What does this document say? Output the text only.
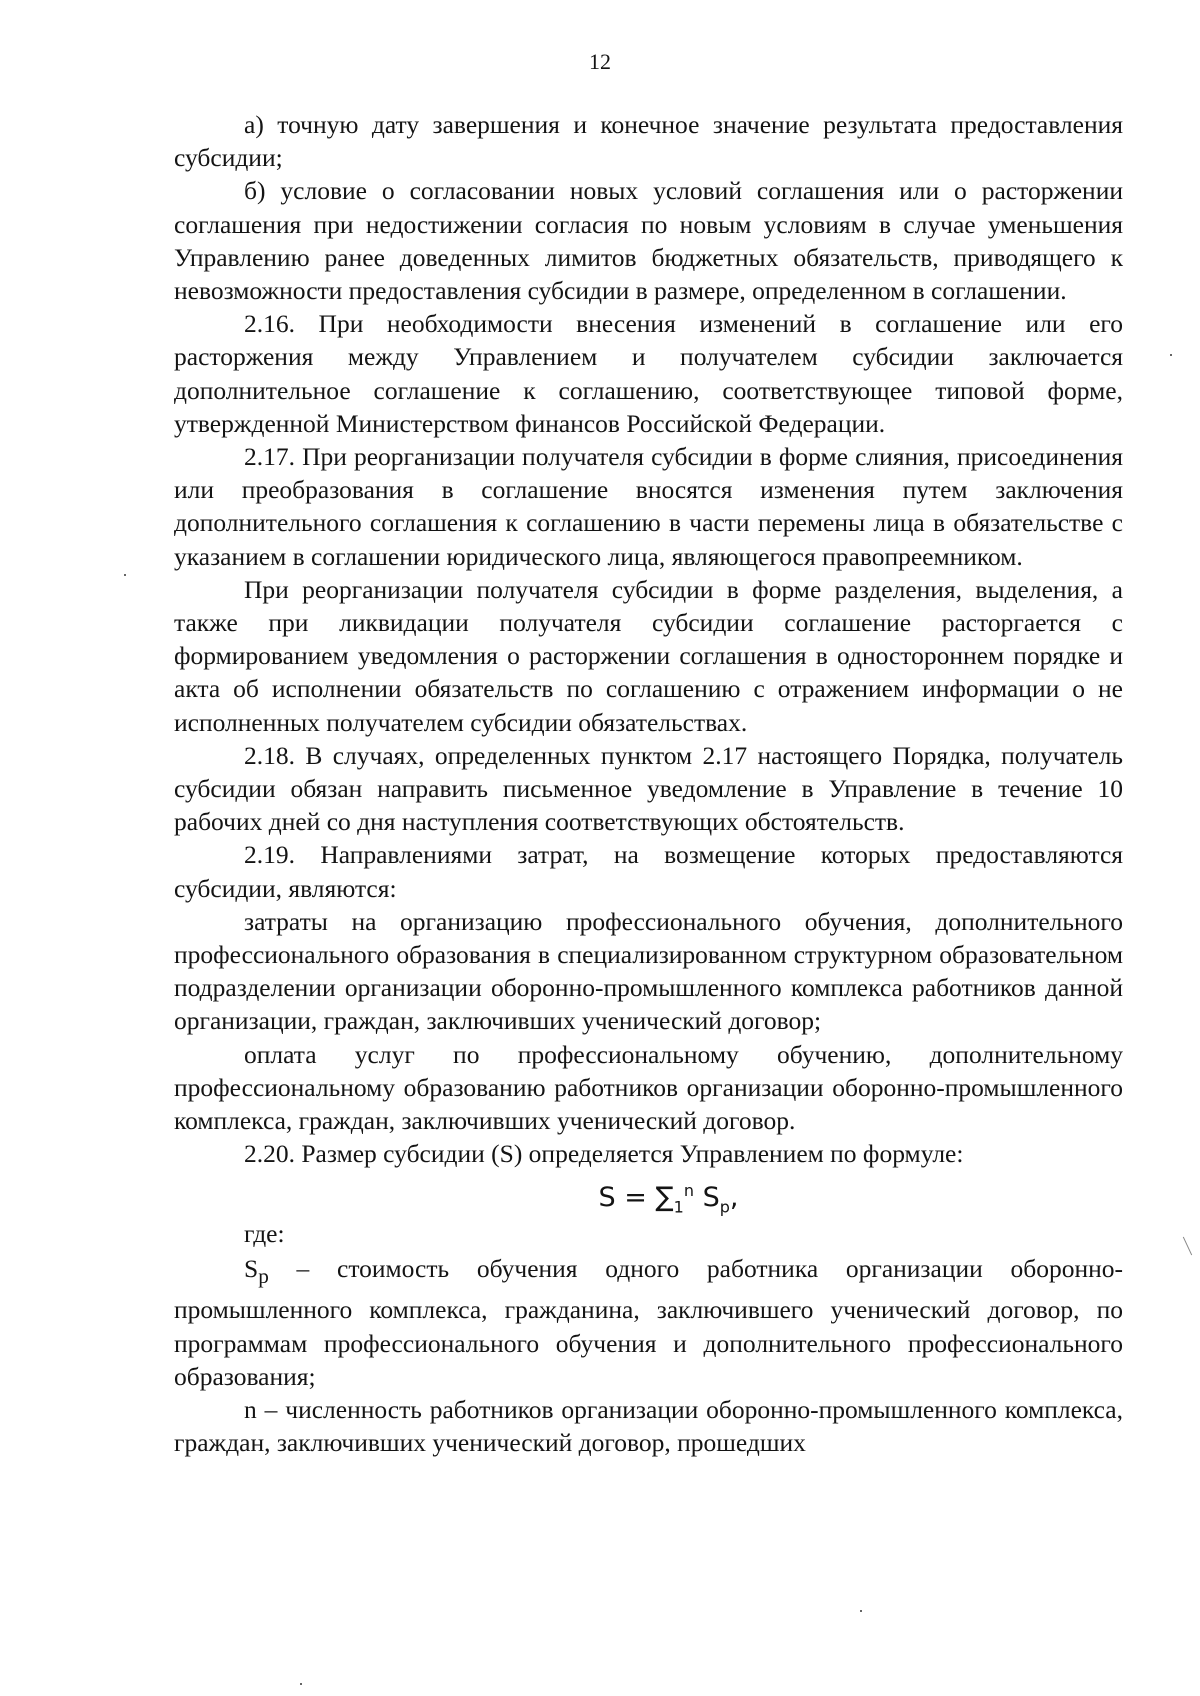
12

а) точную дату завершения и конечное значение результата предоставления субсидии;

б) условие о согласовании новых условий соглашения или о расторжении соглашения при недостижении согласия по новым условиям в случае уменьшения Управлению ранее доведенных лимитов бюджетных обязательств, приводящего к невозможности предоставления субсидии в размере, определенном в соглашении.

2.16. При необходимости внесения изменений в соглашение или его расторжения между Управлением и получателем субсидии заключается дополнительное соглашение к соглашению, соответствующее типовой форме, утвержденной Министерством финансов Российской Федерации.

2.17. При реорганизации получателя субсидии в форме слияния, присоединения или преобразования в соглашение вносятся изменения путем заключения дополнительного соглашения к соглашению в части перемены лица в обязательстве с указанием в соглашении юридического лица, являющегося правопреемником.

При реорганизации получателя субсидии в форме разделения, выделения, а также при ликвидации получателя субсидии соглашение расторгается с формированием уведомления о расторжении соглашения в одностороннем порядке и акта об исполнении обязательств по соглашению с отражением информации о не исполненных получателем субсидии обязательствах.

2.18. В случаях, определенных пунктом 2.17 настоящего Порядка, получатель субсидии обязан направить письменное уведомление в Управление в течение 10 рабочих дней со дня наступления соответствующих обстоятельств.

2.19. Направлениями затрат, на возмещение которых предоставляются субсидии, являются:

затраты на организацию профессионального обучения, дополнительного профессионального образования в специализированном структурном образовательном подразделении организации оборонно-промышленного комплекса работников данной организации, граждан, заключивших ученический договор;

оплата услуг по профессиональному обучению, дополнительному профессиональному образованию работников организации оборонно-промышленного комплекса, граждан, заключивших ученический договор.

2.20. Размер субсидии (S) определяется Управлением по формуле:

$S = \sum_1^n$ $S_p$,
где:

$S_p$ – стоимость обучения одного работника организации оборонно-промышленного комплекса, гражданина, заключившего ученический договор, по программам профессионального обучения и дополнительного профессионального образования;

n – численность работников организации оборонно-промышленного комплекса, граждан, заключивших ученический договор, прошедших
